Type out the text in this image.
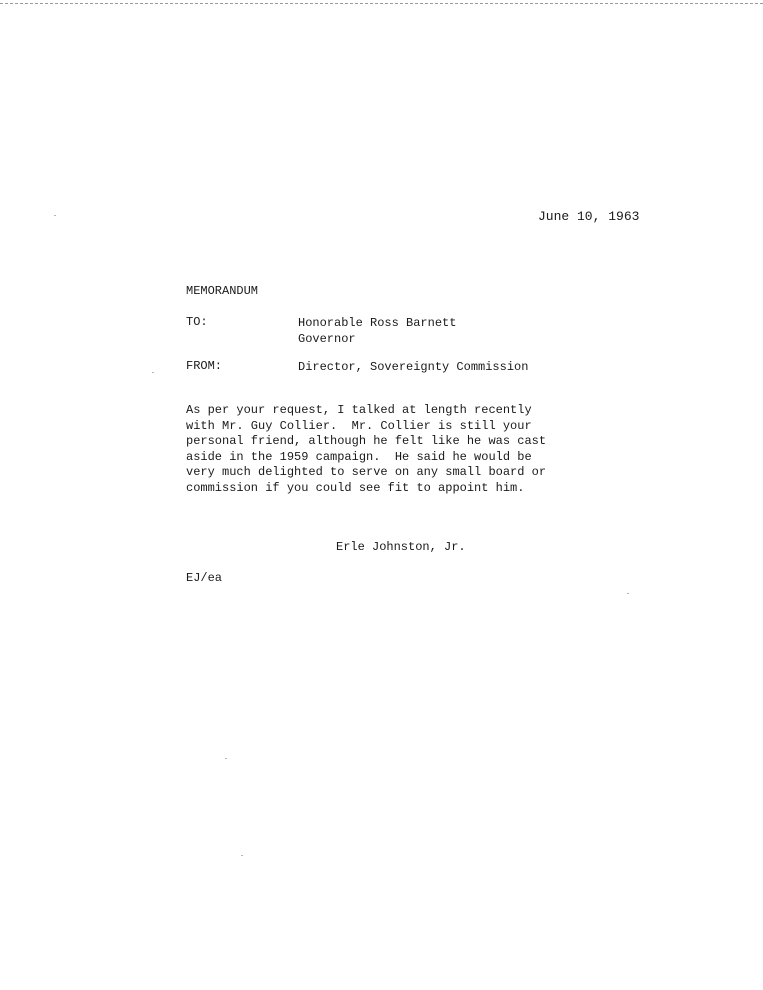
June 10, 1963
MEMORANDUM
TO:	Honorable Ross Barnett
Governor
FROM:	Director, Sovereignty Commission
As per your request, I talked at length recently
with Mr. Guy Collier.  Mr. Collier is still your
personal friend, although he felt like he was cast
aside in the 1959 campaign.  He said he would be
very much delighted to serve on any small board or
commission if you could see fit to appoint him.
Erle Johnston, Jr.
EJ/ea
